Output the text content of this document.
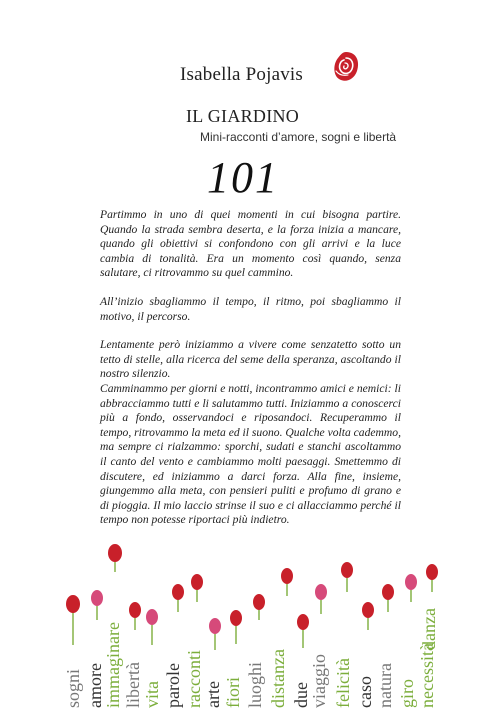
Isabella Pojavis
IL GIARDINO
Mini-racconti d’amore, sogni e libertà
101

Partimmo in uno di quei momenti in cui bisogna partire. Quando la strada sembra deserta, e la forza inizia a mancare, quando gli obiettivi si confondono con gli arrivi e la luce cambia di tonalità. Era un momento così quando, senza salutare, ci ritrovammo su quel cammino.

All’inizio sbagliammo il tempo, il ritmo, poi sbagliammo il motivo, il percorso.

Lentamente però iniziammo a vivere come senzatetto sotto un tetto di stelle, alla ricerca del seme della speranza, ascoltando il nostro silenzio.

Camminammo per giorni e notti, incontrammo amici e nemici: li abbracciammo tutti e li salutammo tutti. Iniziammo a conoscerci più a fondo, osservandoci e riposandoci. Recuperammo il tempo, ritrovammo la meta ed il suono. Qualche volta cademmo, ma sempre ci rialzammo: sporchi, sudati e stanchi ascoltammo il canto del vento e cambiammo molti paesaggi. Smettemmo di discutere, ed iniziammo a darci forza. Alla fine, insieme, giungemmo alla meta, con pensieri puliti e profumo di grano e di pioggia. Il mio laccio strinse il suo e ci allacciammo perché il tempo non potesse riportaci più indietro.

sogni amore
immaginare libertà vita parole racconti arte fiori luoghi distanza due
viaggio felicità caso natura giro necessità
danza
